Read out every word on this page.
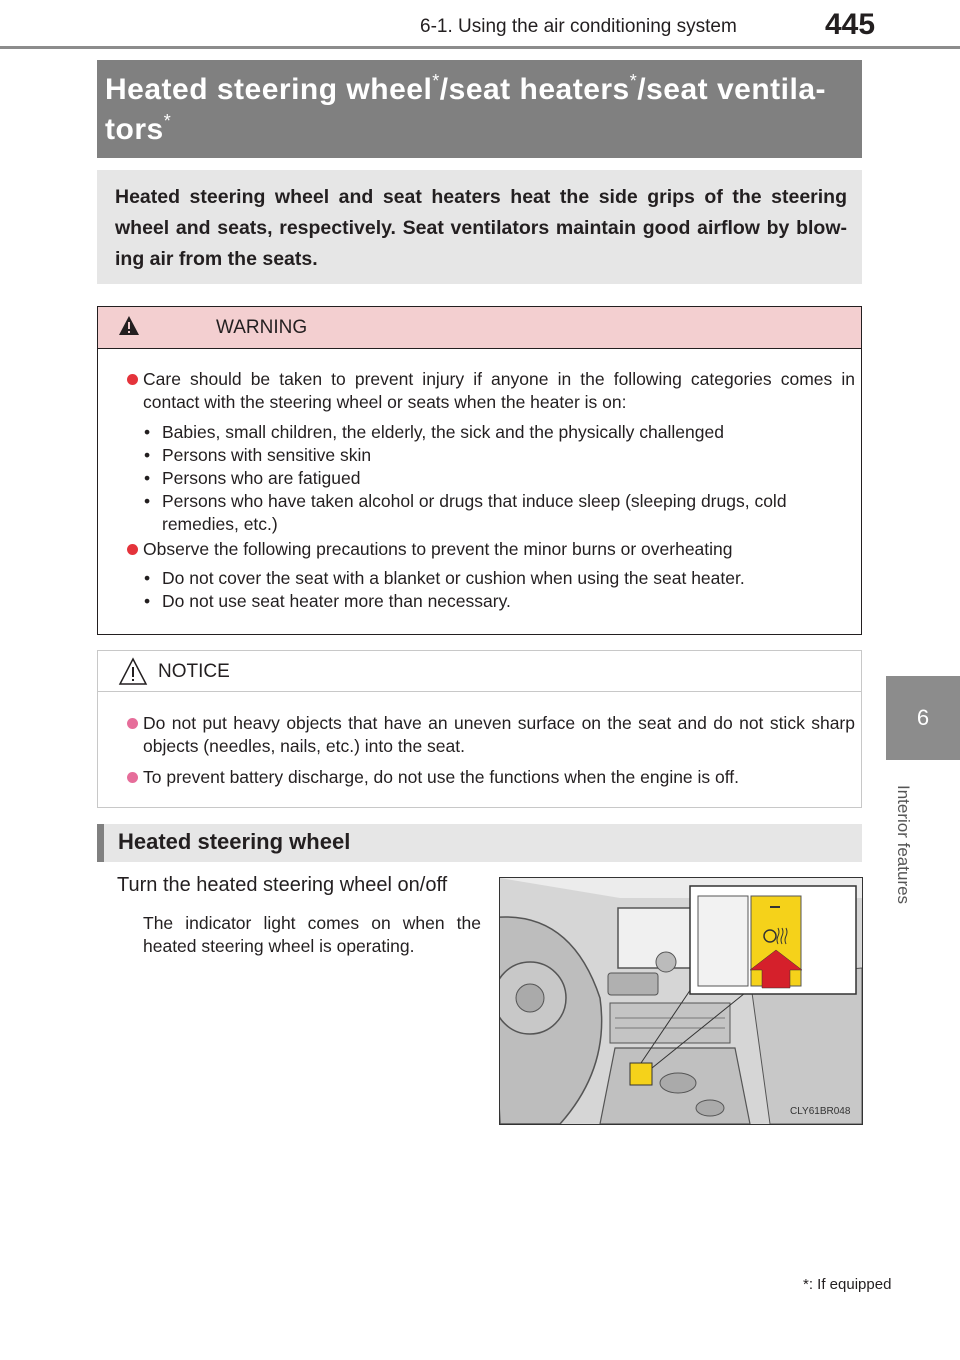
6-1. Using the air conditioning system	445
6
Interior features
Heated steering wheel*/seat heaters*/seat ventila-
tors*

Heated steering wheel and seat heaters heat the side grips of the steering wheel and seats, respectively. Seat ventilators maintain good airflow by blow-ing air from the seats.

WARNING
Care should be taken to prevent injury if anyone in the following categories comes in contact with the steering wheel or seats when the heater is on:
• Babies, small children, the elderly, the sick and the physically challenged
• Persons with sensitive skin
• Persons who are fatigued
• Persons who have taken alcohol or drugs that induce sleep (sleeping drugs, cold remedies, etc.)
Observe the following precautions to prevent the minor burns or overheating
• Do not cover the seat with a blanket or cushion when using the seat heater.
• Do not use seat heater more than necessary.
NOTICE
Do not put heavy objects that have an uneven surface on the seat and do not stick sharp objects (needles, nails, etc.) into the seat.
To prevent battery discharge, do not use the functions when the engine is off.
Heated steering wheel
Turn the heated steering wheel on/off
The indicator light comes on when the heated steering wheel is operating.
CLY61BR048
*: If equipped
